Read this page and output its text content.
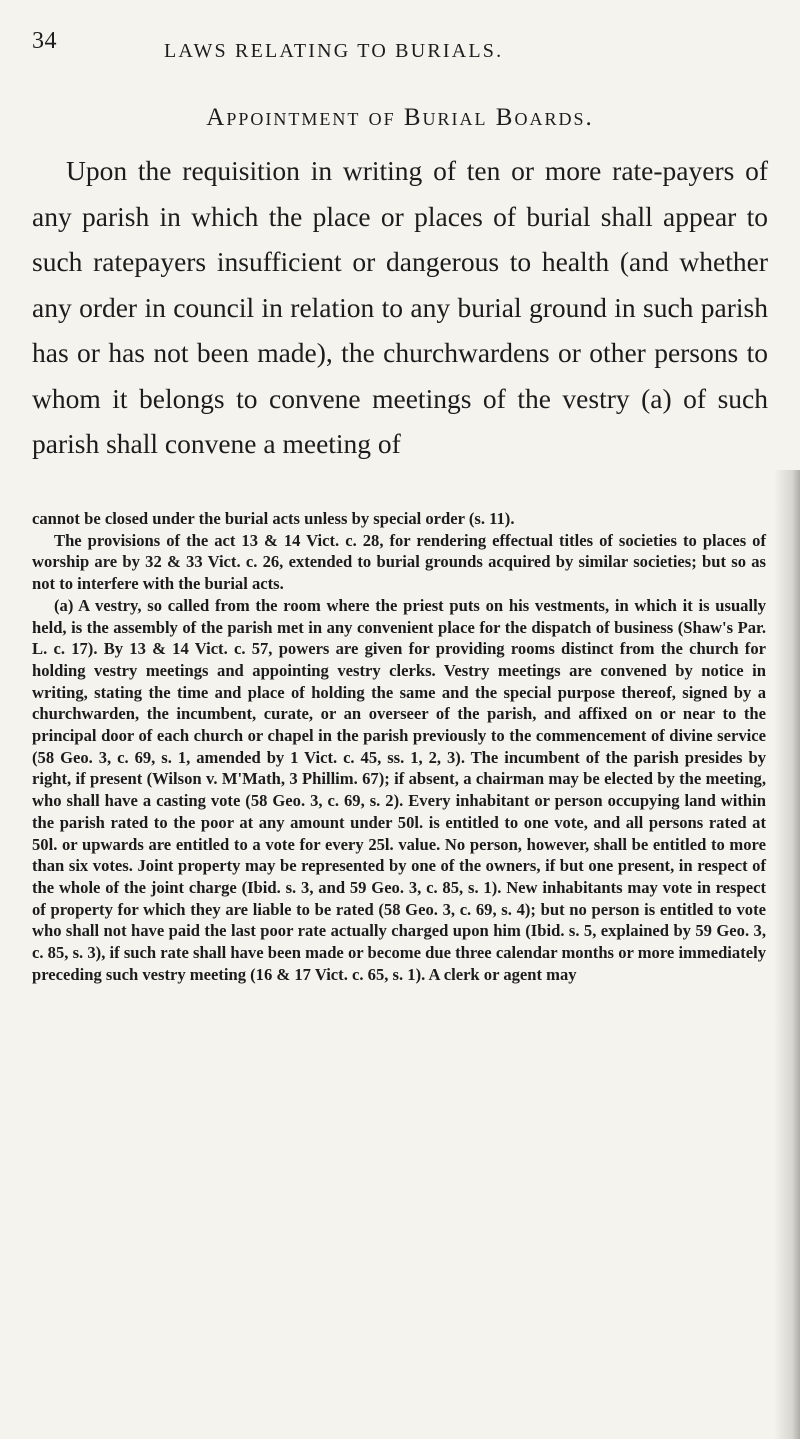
34	LAWS RELATING TO BURIALS.
Appointment of Burial Boards.

Upon the requisition in writing of ten or more rate-payers of any parish in which the place or places of burial shall appear to such ratepayers insufficient or dangerous to health (and whether any order in council in relation to any burial ground in such parish has or has not been made), the churchwardens or other persons to whom it belongs to convene meetings of the vestry (a) of such parish shall convene a meeting of

cannot be closed under the burial acts unless by special order (s. 11).

The provisions of the act 13 & 14 Vict. c. 28, for rendering effectual titles of societies to places of worship are by 32 & 33 Vict. c. 26, extended to burial grounds acquired by similar societies; but so as not to interfere with the burial acts.

(a) A vestry, so called from the room where the priest puts on his vestments, in which it is usually held, is the assembly of the parish met in any convenient place for the dispatch of business (Shaw's Par. L. c. 17). By 13 & 14 Vict. c. 57, powers are given for providing rooms distinct from the church for holding vestry meetings and appointing vestry clerks. Vestry meetings are convened by notice in writing, stating the time and place of holding the same and the special purpose thereof, signed by a churchwarden, the incumbent, curate, or an overseer of the parish, and affixed on or near to the principal door of each church or chapel in the parish previously to the commencement of divine service (58 Geo. 3, c. 69, s. 1, amended by 1 Vict. c. 45, ss. 1, 2, 3). The incumbent of the parish presides by right, if present (Wilson v. M'Math, 3 Phillim. 67); if absent, a chairman may be elected by the meeting, who shall have a casting vote (58 Geo. 3, c. 69, s. 2). Every inhabitant or person occupying land within the parish rated to the poor at any amount under 50l. is entitled to one vote, and all persons rated at 50l. or upwards are entitled to a vote for every 25l. value. No person, however, shall be entitled to more than six votes. Joint property may be represented by one of the owners, if but one present, in respect of the whole of the joint charge (Ibid. s. 3, and 59 Geo. 3, c. 85, s. 1). New inhabitants may vote in respect of property for which they are liable to be rated (58 Geo. 3, c. 69, s. 4); but no person is entitled to vote who shall not have paid the last poor rate actually charged upon him (Ibid. s. 5, explained by 59 Geo. 3, c. 85, s. 3), if such rate shall have been made or become due three calendar months or more immediately preceding such vestry meeting (16 & 17 Vict. c. 65, s. 1). A clerk or agent may
